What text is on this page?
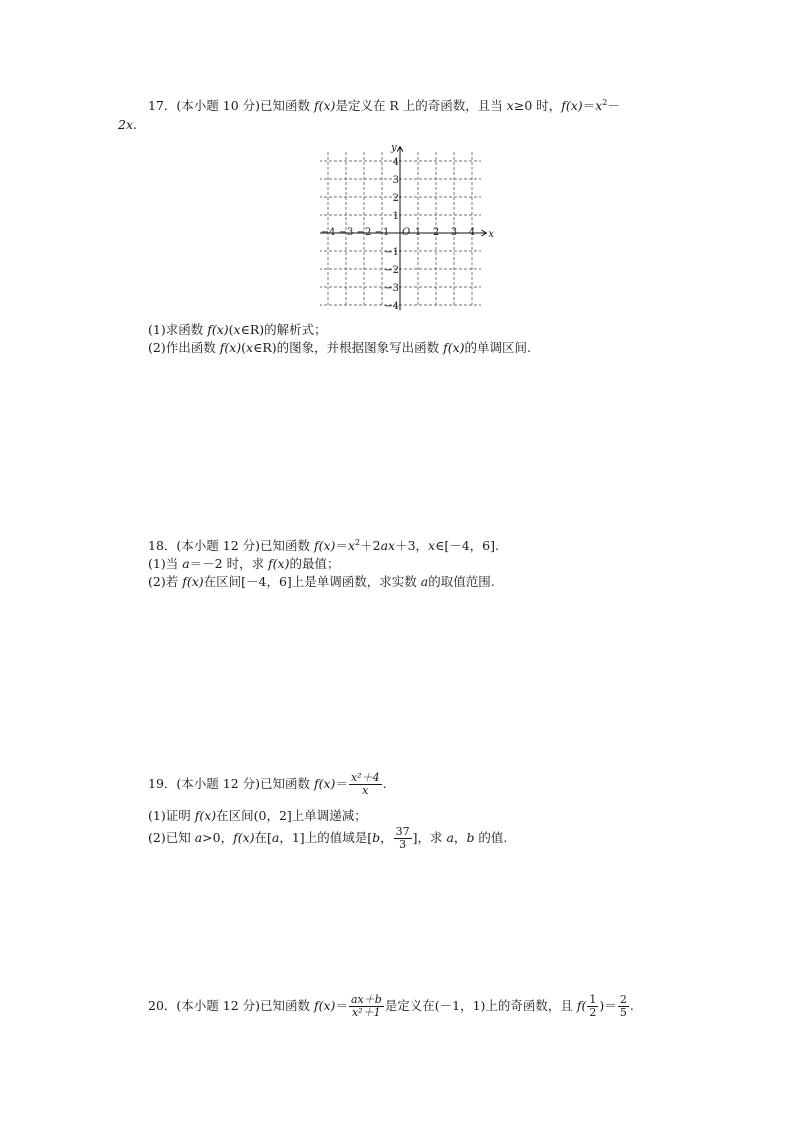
17．(本小题 10 分)已知函数 f(x)是定义在 R 上的奇函数，且当 x≥0 时，$f(x)=x^2-$
2x.
x
y
O
−4 −3 −2 −1	1 2 3 4
4
3
2
1
−1
−2
−3
−4
(1)求函数 f(x)(x∈R)的解析式；
(2)作出函数 f(x)(x∈R)的图象，并根据图象写出函数 f(x)的单调区间.
18．(本小题 12 分)已知函数 $f(x)=x^2+2ax+3$，x∈[－4，6].
(1)当 a＝－2 时，求 f(x)的最值；
(2)若 f(x)在区间[－4，6]上是单调函数，求实数 a的取值范围.
19．(本小题 12 分)已知函数 $f(x)= \frac{\text{x²＋4}}{x}$ .
(1)证明 f(x)在区间(0，2]上单调递减；
(2)已知 a>0，f(x)在[a，1]上的值域是[b， $\frac{37}{3}$ ]，求 a，b 的值.
20．(本小题 12 分)已知函数 $f(x)= \frac{ax+b}{\text{x²＋1}}$ 是定义在(－1，1)上的奇函数，且 $f( \frac{1}{2}$ )＝ $\frac{2}{5}$ .
